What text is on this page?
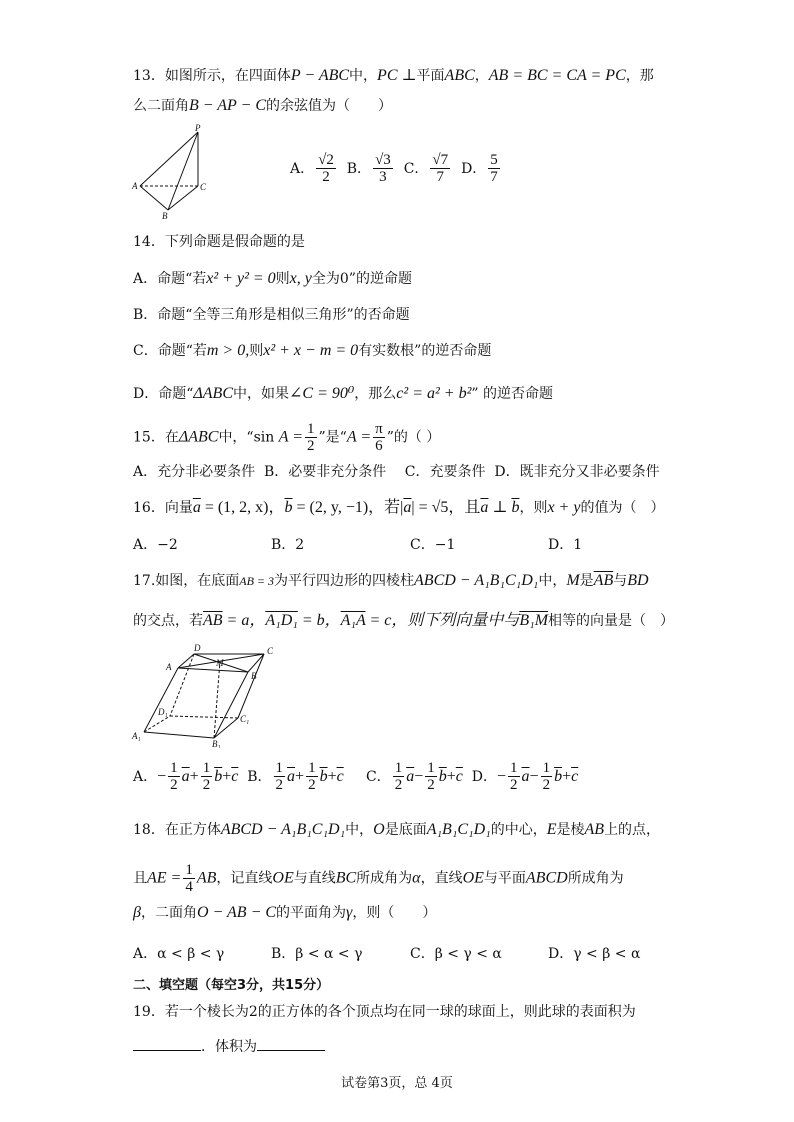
13．如图所示，在四面体P − ABC中，PC ⊥平面ABC，AB = BC = CA = PC，那
么二面角B − AP − C的余弦值为（　　）
P
A	C
B
A． $\frac{√2}{2}$ B． $\frac{√3}{3}$ C． $\frac{√7}{7}$ D． $\frac{5}{7}$
14．下列命题是假命题的是
A．命题“若x² + y² = 0则x, y全为0”的逆命题
B．命题“全等三角形是相似三角形”的否命题
C．命题“若m > 0,则x² + x − m = 0有实数根”的逆否命题
D．命题“ΔABC中，如果∠C = 90⁰，那么c² = a² + b²” 的逆否命题
15．在ΔABC中，“sin $A = \frac{1}{2}$ ”是“$A = \frac{\pi}{6}$ ”的（ ）
A．充分非必要条件  B．必要非充分条件　 C．充要条件  D．既非充分又非必要条件
16．向量$\overline{a} = (1$, 2, x)，$\overline{b} = (2$, y, −1)，若$|\overline{a}| = √5$，且$\overline{a}$ ⊥ $\overline{b}$，则x + y的值为（　）
A．−2	B．2	C．−1	D．1
17.如图，在底面AB = 3为平行四边形的四棱柱ABCD − A₁B₁C₁D₁中，M是$\overline{AB}$与BD
的交点，若$\overline{AB} = a$，A₁D₁ = b，A₁A = c，则下列向量中与B₁M相等的向量是（　）
D
A	M
C
B
D₁
C₁
A₁
B₁
A．− $\frac{1}{2} \overline{a}+ \frac{1}{2} \overline{b}+\overline{c}$ B． $\frac{1}{2} \overline{a}+ \frac{1}{2} \overline{b}+\overline{c}$ C． $\frac{1}{2} \overline{a}- \frac{1}{2} \overline{b}+\overline{c}$ D．− $\frac{1}{2} \overline{a}- \frac{1}{2} \overline{b}+\overline{c}$
18．在正方体ABCD − A₁B₁C₁D₁中，O是底面A₁B₁C₁D₁的中心，E是棱AB上的点，
且AE = $\frac{1}{4}$ AB，记直线OE与直线BC所成角为α，直线OE与平面ABCD所成角为
β，二面角O − AB − C的平面角为γ，则（　　）
A．α < β < γ	B．β < α < γ	C．β < γ < α	D．γ < β < α
二、填空题（每空3分，共15分）
19．若一个棱长为2的正方体的各个顶点均在同一球的球面上，则此球的表面积为
．体积为
试卷第3页，总 4页
